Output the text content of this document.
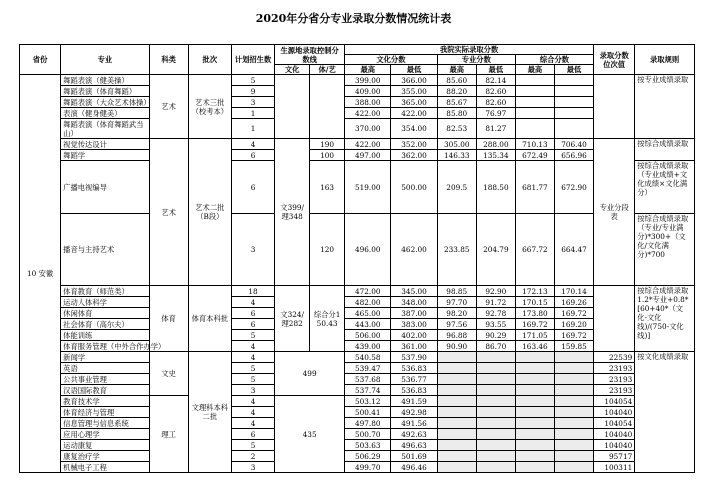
2020年分省分专业录取分数情况统计表
省份	专业	科类	批次	计划招生数	生源地录取控制分数线		我院实际录取分数						录取分数位次值	录取规则
							文化分数		专业分数		综合分数			
					文化	体/艺	最高	最低	最高	最低	最高	最低		
10 安徽	舞蹈表演（健美操）	艺术	艺术三批（校考本）	5			399.00	366.00	85.60	82.14				按专业成绩录取
	舞蹈表演（体育舞蹈）			9			409.00	355.00	88.20	82.60				
	舞蹈表演（大众艺术体操）			3			388.00	365.00	85.67	82.60				
	表演（健身健美）			1			422.00	422.00	85.80	76.97				
	舞蹈表演（体育舞蹈武当山）			1			370.00	354.00	82.53	81.27				
	视觉传达设计	艺术	艺术二批（B段）	4	文399/理348	190	422.00	352.00	305.00	288.00	710.13	706.40	专业分段表	按综合成绩录取
	舞蹈学			6		100	497.00	362.00	146.33	135.34	672.49	656.96		
	广播电视编导			6		163	519.00	500.00	209.5	188.50	681.77	672.90		按综合成绩录取（专业成绩+文化成绩×文化满分）
	播音与主持艺术			3		120	496.00	462.00	233.85	204.79	667.72	664.47		按综合成绩录取（专业/专业满分)*300+（文化/文化满分)*700
	体育教育（师范类）	体育	体育本科批	18	文324/理282	综合分150.43	472.00	345.00	98.85	92.90	172.13	170.14		按综合成绩录取1.2*专业+0.8*[60+40*（文化-文化线)/(750-文化线)]
	运动人体科学			4			482.00	348.00	97.70	91.72	170.15	169.26		
	休闲体育			6			465.00	387.00	98.20	92.78	173.80	169.72		
	社会体育（高尔夫）			6			443.00	383.00	97.56	93.55	169.72	169.20		
	体能训练			5			506.00	402.00	96.88	90.29	171.05	169.72		
	体育服务管理（中外合作办学）			4			439.00	361.00	90.90	86.70	163.46	159.85		
	新闻学	文史	文理科本科二批	4	499		540.58	537.90					22539	按文化成绩录取
	英语			5			539.47	536.83					23193	
	公共事业管理			5			537.68	536.77					23193	
	汉语国际教育			3			537.74	536.83					23193	
	教育技术学	理工		4	435		503.12	491.59					104054	
	体育经济与管理			4			500.41	492.98					104040	
	信息管理与信息系统			4			497.80	491.56					104054	
	应用心理学			6			500.70	492.63					104040	
	运动康复			5			503.63	496.63					104040	
	康复治疗学			2			506.29	501.69					95717	
	机械电子工程			3			499.70	496.46					100311	
